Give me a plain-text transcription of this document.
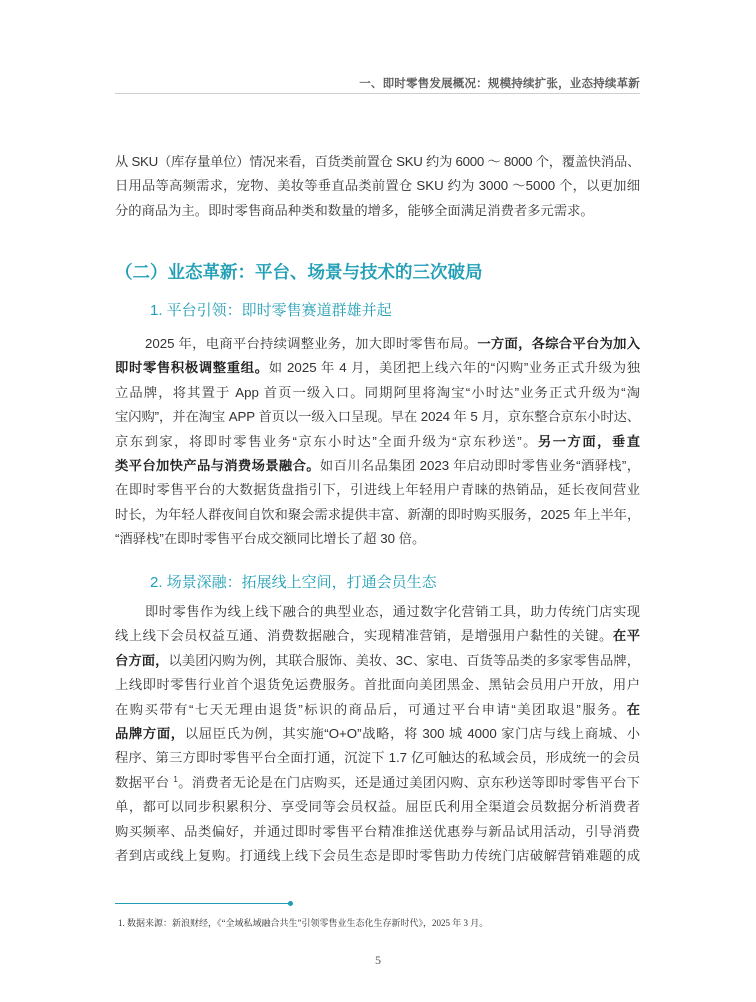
一、即时零售发展概况：规模持续扩张，业态持续革新
从 SKU（库存量单位）情况来看，百货类前置仓 SKU 约为 6000 ～ 8000 个，覆盖快消品、
日用品等高频需求，宠物、美妆等垂直品类前置仓 SKU 约为 3000 ～5000 个，以更加细
分的商品为主。即时零售商品种类和数量的增多，能够全面满足消费者多元需求。
（二）业态革新：平台、场景与技术的三次破局
1. 平台引领：即时零售赛道群雄并起
2025 年，电商平台持续调整业务，加大即时零售布局。一方面，各综合平台为加入
即时零售积极调整重组。如 2025 年 4 月，美团把上线六年的“闪购”业务正式升级为独
立品牌，将其置于 App 首页一级入口。同期阿里将淘宝“小时达”业务正式升级为“淘
宝闪购”，并在淘宝 APP 首页以一级入口呈现。早在 2024 年 5 月，京东整合京东小时达、
京东到家，将即时零售业务“京东小时达”全面升级为“京东秒送”。另一方面，垂直
类平台加快产品与消费场景融合。如百川名品集团 2023 年启动即时零售业务“酒驿栈”，
在即时零售平台的大数据货盘指引下，引进线上年轻用户青睐的热销品，延长夜间营业
时长，为年轻人群夜间自饮和聚会需求提供丰富、新潮的即时购买服务，2025 年上半年，
“酒驿栈”在即时零售平台成交额同比增长了超 30 倍。
2. 场景深融：拓展线上空间，打通会员生态
即时零售作为线上线下融合的典型业态，通过数字化营销工具，助力传统门店实现
线上线下会员权益互通、消费数据融合，实现精准营销，是增强用户黏性的关键。在平
台方面，以美团闪购为例，其联合服饰、美妆、3C、家电、百货等品类的多家零售品牌，
上线即时零售行业首个退货免运费服务。首批面向美团黑金、黑钻会员用户开放，用户
在购买带有“七天无理由退货”标识的商品后，可通过平台申请“美团取退”服务。在
品牌方面，以屈臣氏为例，其实施“O+O”战略，将 300 城 4000 家门店与线上商城、小
程序、第三方即时零售平台全面打通，沉淀下 1.7 亿可触达的私域会员，形成统一的会员
数据平台 $^1$。消费者无论是在门店购买，还是通过美团闪购、京东秒送等即时零售平台下
单，都可以同步积累积分、享受同等会员权益。屈臣氏利用全渠道会员数据分析消费者
购买频率、品类偏好，并通过即时零售平台精准推送优惠券与新品试用活动，引导消费
者到店或线上复购。打通线上线下会员生态是即时零售助力传统门店破解营销难题的成
1. 数据来源：新浪财经，《“全域私域融合共生”引领零售业生态化生存新时代》，2025 年 3 月。
5
